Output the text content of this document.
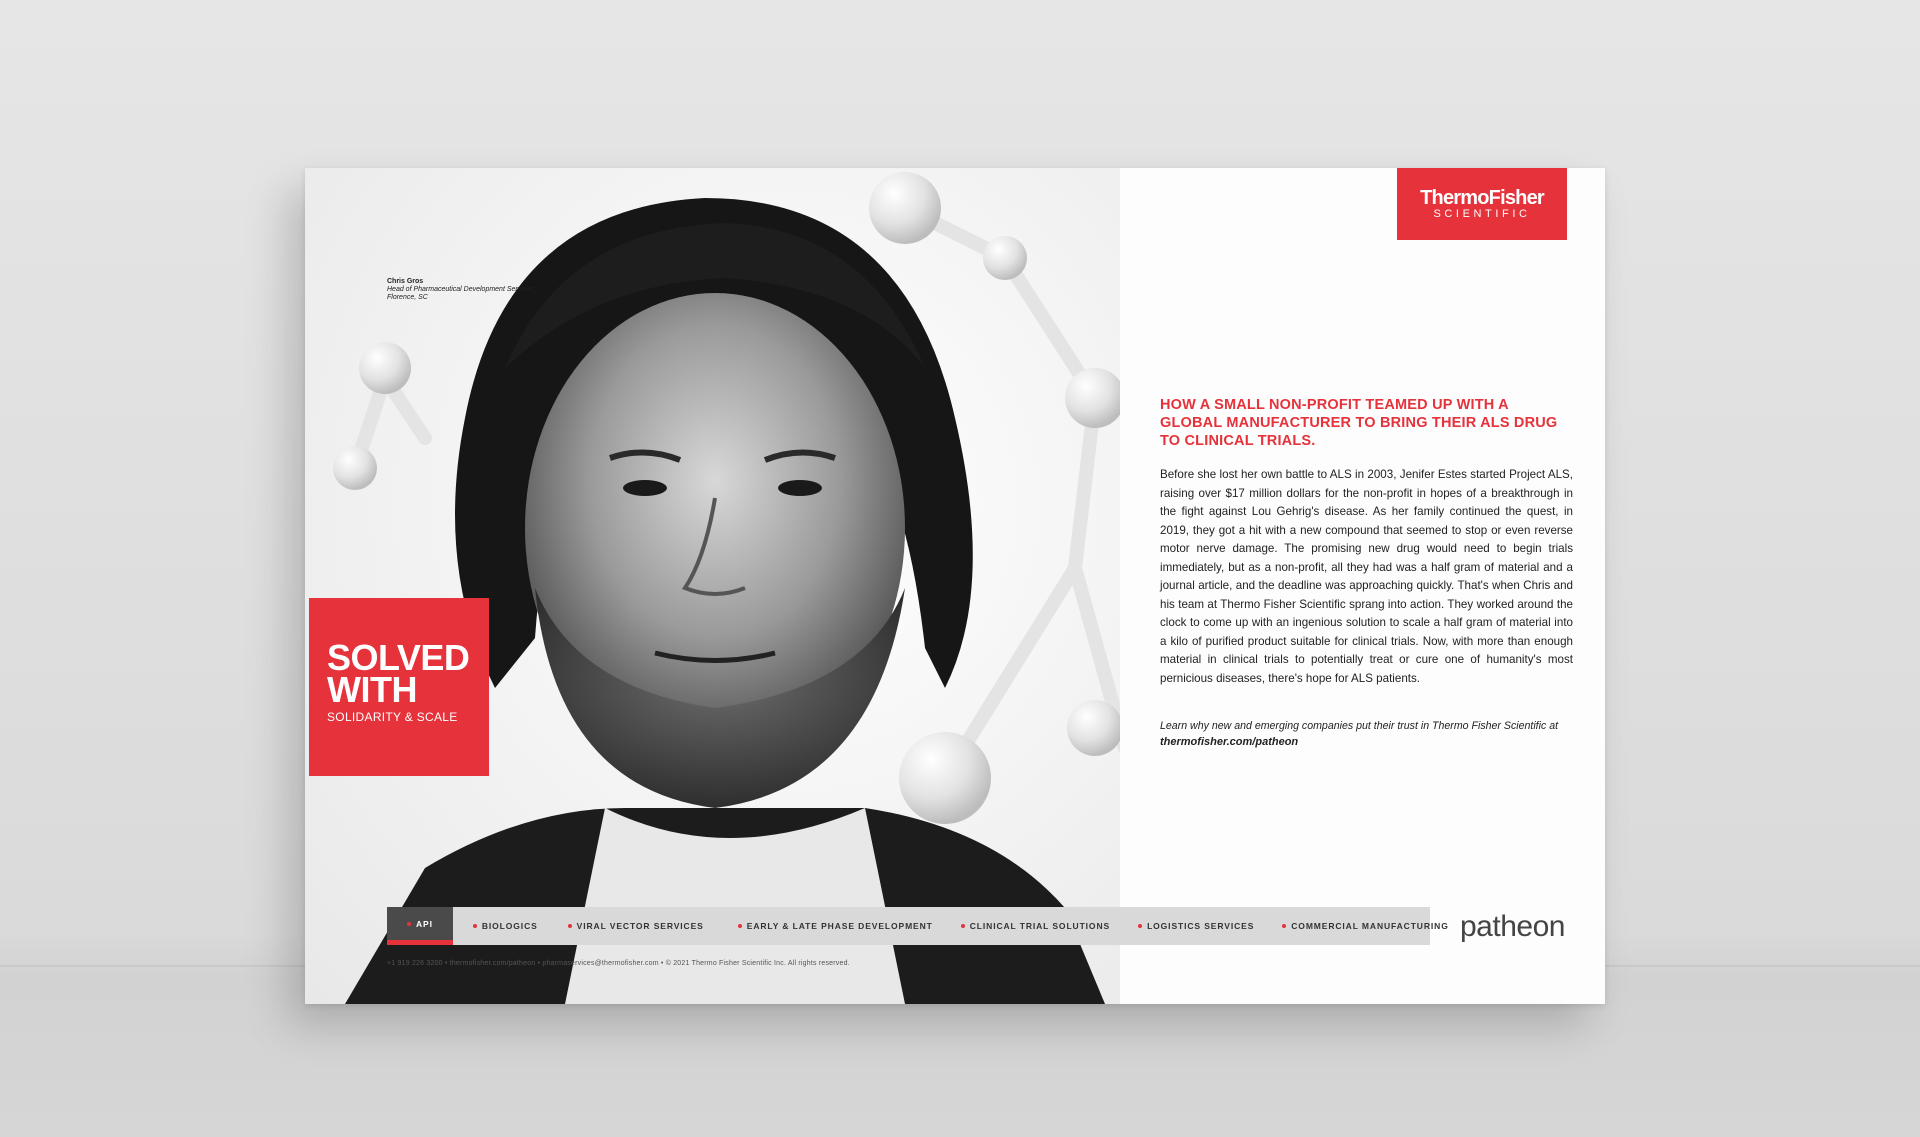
Chris Gros
Head of Pharmaceutical Development Services,
Florence, SC
SOLVED
WITH
SOLIDARITY & SCALE
ThermoFisher
SCIENTIFIC
HOW A SMALL NON-PROFIT TEAMED UP WITH A GLOBAL MANUFACTURER TO BRING THEIR ALS DRUG TO CLINICAL TRIALS.
Before she lost her own battle to ALS in 2003, Jenifer Estes started Project ALS, raising over $17 million dollars for the non-profit in hopes of a breakthrough in the fight against Lou Gehrig's disease. As her family continued the quest, in 2019, they got a hit with a new compound that seemed to stop or even reverse motor nerve damage. The promising new drug would need to begin trials immediately, but as a non-profit, all they had was a half gram of material and a journal article, and the deadline was approaching quickly. That's when Chris and his team at Thermo Fisher Scientific sprang into action. They worked around the clock to come up with an ingenious solution to scale a half gram of material into a kilo of purified product suitable for clinical trials. Now, with more than enough material in clinical trials to potentially treat or cure one of humanity's most pernicious diseases, there's hope for ALS patients.
Learn why new and emerging companies put their trust in Thermo Fisher Scientific at
thermofisher.com/patheon
API	BIOLOGICS	VIRAL VECTOR SERVICES	EARLY & LATE PHASE DEVELOPMENT	CLINICAL TRIAL SOLUTIONS	LOGISTICS SERVICES	COMMERCIAL MANUFACTURING patheon
+1 919 226 3200 • thermofisher.com/patheon • pharmaservices@thermofisher.com • © 2021 Thermo Fisher Scientific Inc. All rights reserved.
